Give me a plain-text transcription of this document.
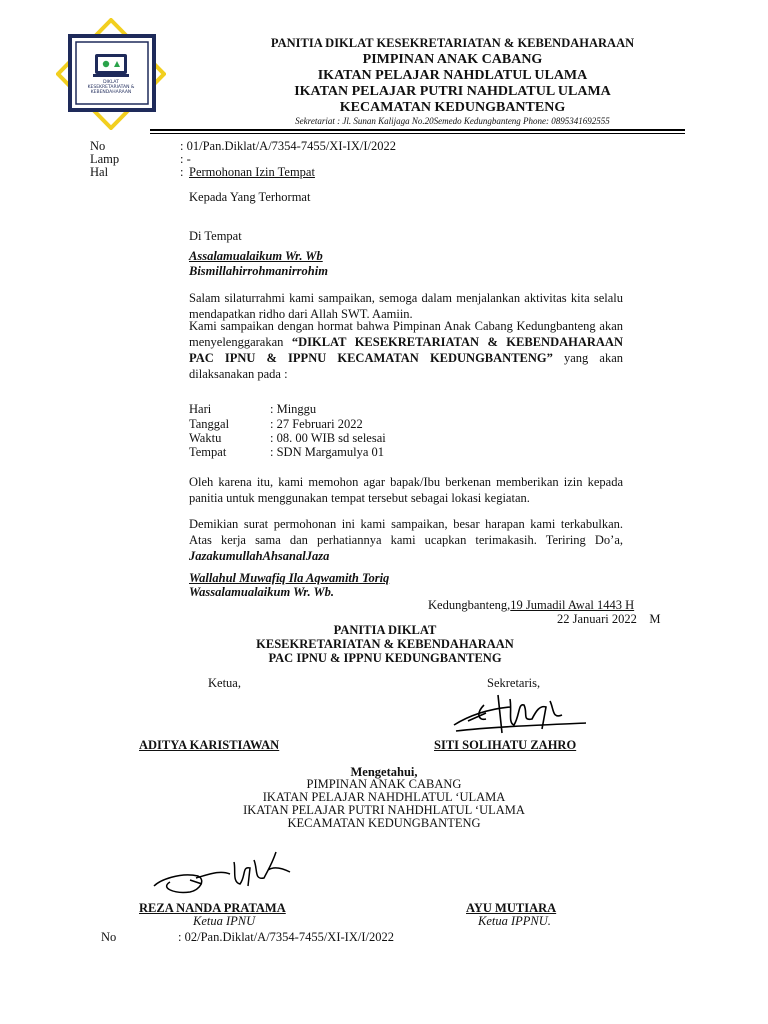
DIKLAT
KESEKRETARIATAN &
KEBENDAHARAAN
PANITIA DIKLAT KESEKRETARIATAN & KEBENDAHARAAN
PIMPINAN ANAK CABANG
IKATAN PELAJAR NAHDLATUL ULAMA
IKATAN PELAJAR PUTRI NAHDLATUL ULAMA
KECAMATAN KEDUNGBANTENG
Sekretariat : Jl. Sunan Kalijaga No.20Semedo Kedungbanteng Phone: 0895341692555
No	: 01/Pan.Diklat/A/7354-7455/XI-IX/I/2022
Lamp	: -
Hal	: Permohonan Izin Tempat
Kepada Yang Terhormat
Di Tempat
Assalamualaikum Wr. Wb
Bismillahirrohmanirrohim
Salam silaturrahmi kami sampaikan, semoga dalam menjalankan aktivitas kita selalu mendapatkan ridho dari Allah SWT. Aamiin.
Kami sampaikan dengan hormat bahwa Pimpinan Anak Cabang Kedungbanteng akan menyelenggarakan “DIKLAT KESEKRETARIATAN & KEBENDAHARAAN PAC IPNU & IPPNU KECAMATAN KEDUNGBANTENG” yang akan dilaksanakan pada :
Hari	: Minggu
Tanggal	: 27 Februari 2022
Waktu	: 08. 00 WIB sd selesai
Tempat	: SDN Margamulya 01
Oleh karena itu, kami memohon agar bapak/Ibu berkenan memberikan izin kepada panitia untuk menggunakan tempat tersebut sebagai lokasi kegiatan.
Demikian surat permohonan ini kami sampaikan, besar harapan kami terkabulkan. Atas kerja sama dan perhatiannya kami ucapkan terimakasih. Teriring Do’a, JazakumullahAhsanalJaza
Wallahul Muwafiq Ila Aqwamith Toriq
Wassalamualaikum Wr. Wb.
Kedungbanteng,19 Jumadil Awal 1443 H
22 Januari 2022    M
PANITIA DIKLAT
KESEKRETARIATAN & KEBENDAHARAAN
PAC IPNU & IPPNU KEDUNGBANTENG
Ketua,	Sekretaris,
ADITYA KARISTIAWAN	SITI SOLIHATU ZAHRO
Mengetahui,
PIMPINAN ANAK CABANG
IKATAN PELAJAR NAHDHLATUL ‘ULAMA
IKATAN PELAJAR PUTRI NAHDHLATUL ‘ULAMA
KECAMATAN KEDUNGBANTENG
REZA NANDA PRATAMA
Ketua IPNU
AYU MUTIARA
Ketua IPPNU.
No	: 02/Pan.Diklat/A/7354-7455/XI-IX/I/2022
